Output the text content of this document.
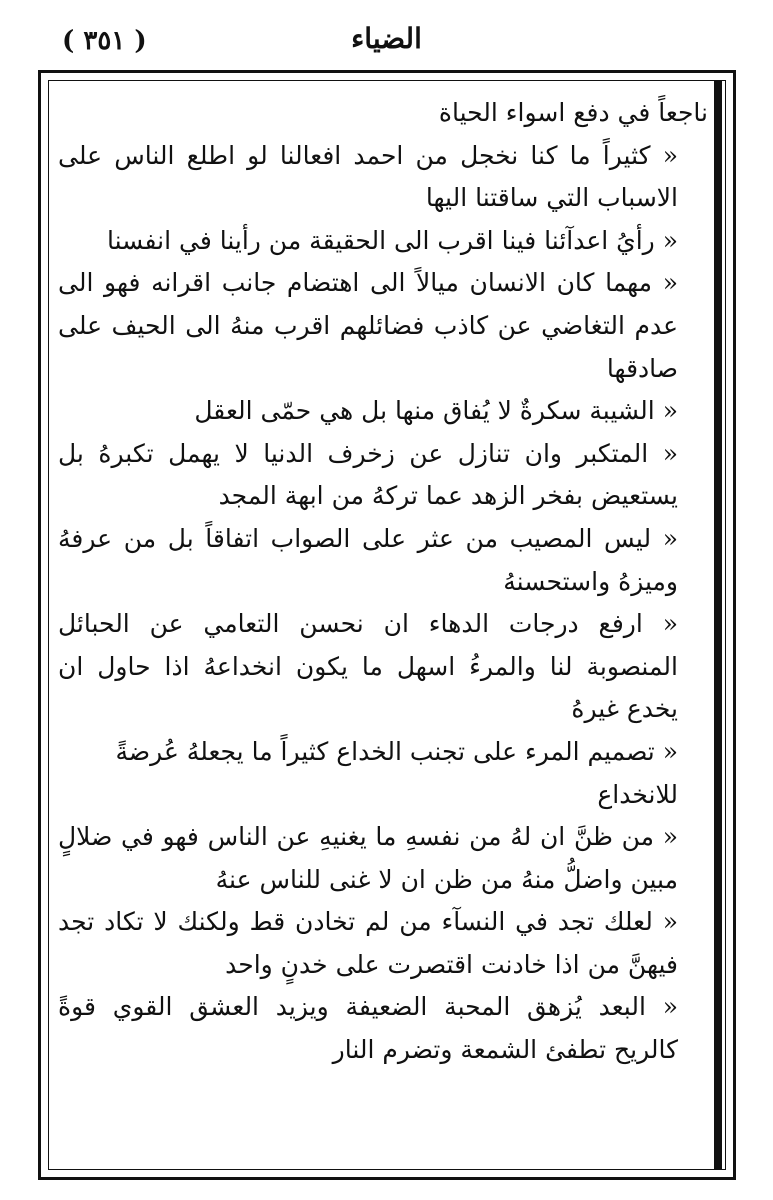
( ٣٥١ )	الضياء

ناجعاً في دفع اسواء الحياة

« كثيراً ما كنا نخجل من احمد افعالنا لو اطلع الناس على الاسباب التي ساقتنا اليها

« رأيُ اعدآئنا فينا اقرب الى الحقيقة من رأينا في انفسنا

« مهما كان الانسان ميالاً الى اهتضام جانب اقرانه فهو الى عدم التغاضي عن كاذب فضائلهم اقرب منهُ الى الحيف على صادقها

« الشيبة سكرةٌ لا يُفاق منها بل هي حمّى العقل

« المتكبر وان تنازل عن زخرف الدنيا لا يهمل تكبرهُ بل يستعيض بفخر الزهد عما تركهُ من ابهة المجد

« ليس المصيب من عثر على الصواب اتفاقاً بل من عرفهُ وميزهُ واستحسنهُ

« ارفع درجات الدهاء ان نحسن التعامي عن الحبائل المنصوبة لنا والمرءُ اسهل ما يكون انخداعهُ اذا حاول ان يخدع غيرهُ

« تصميم المرء على تجنب الخداع كثيراً ما يجعلهُ عُرضةً للانخداع

« من ظنَّ ان لهُ من نفسهِ ما يغنيهِ عن الناس فهو في ضلالٍ مبين واضلُّ منهُ من ظن ان لا غنى للناس عنهُ

« لعلك تجد في النسآء من لم تخادن قط ولكنك لا تكاد تجد فيهنَّ من اذا خادنت اقتصرت على خدنٍ واحد

« البعد يُزهق المحبة الضعيفة ويزيد العشق القوي قوةً كالريح تطفئ الشمعة وتضرم النار
